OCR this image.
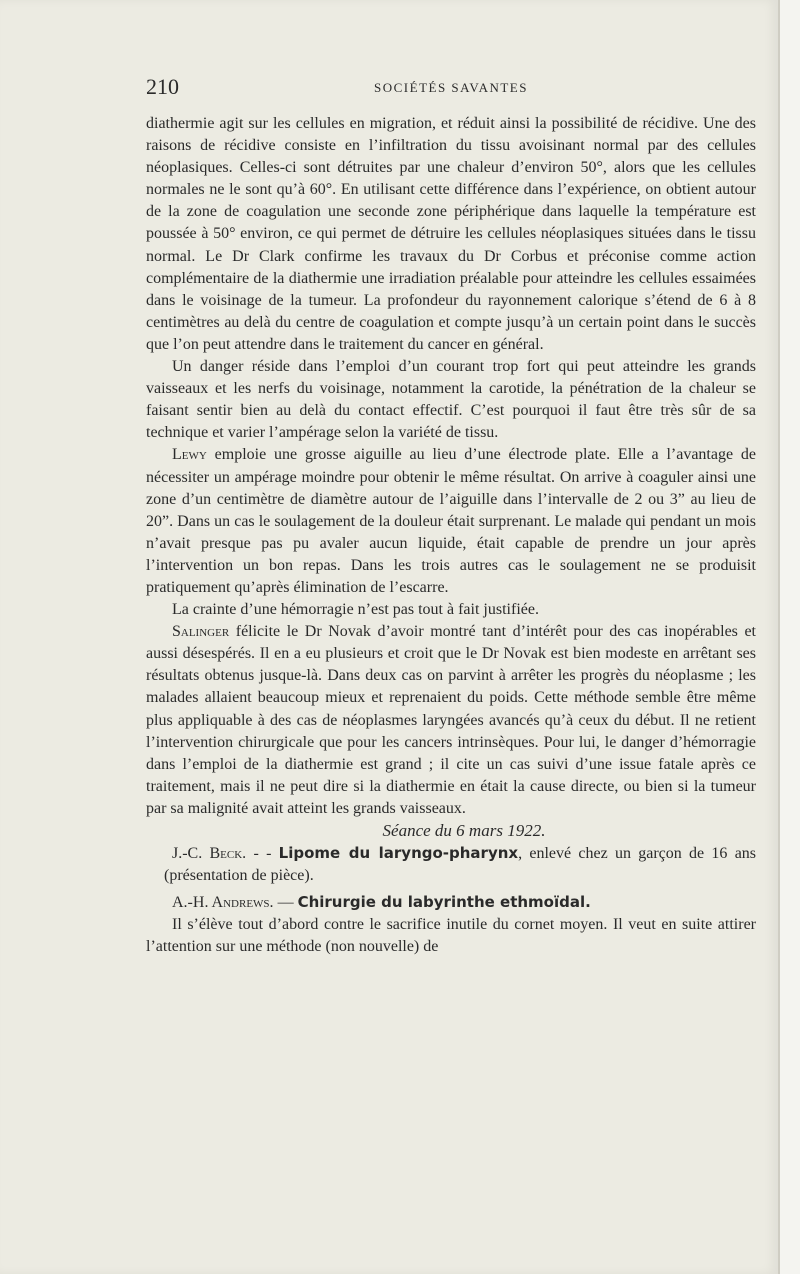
210	SOCIÉTÉS SAVANTES

diathermie agit sur les cellules en migration, et réduit ainsi la possibilité de récidive. Une des raisons de récidive consiste en l’infiltration du tissu avoisinant normal par des cellules néoplasiques. Celles-ci sont détruites par une chaleur d’environ 50°, alors que les cellules normales ne le sont qu’à 60°. En utilisant cette différence dans l’expérience, on obtient autour de la zone de coagulation une seconde zone périphérique dans laquelle la température est poussée à 50° environ, ce qui permet de détruire les cellules néoplasiques situées dans le tissu normal. Le Dr Clark confirme les travaux du Dr Corbus et préconise comme action complémentaire de la diathermie une irradiation préalable pour atteindre les cellules essaimées dans le voisinage de la tumeur. La profondeur du rayonnement calorique s’étend de 6 à 8 centimètres au delà du centre de coagulation et compte jusqu’à un certain point dans le succès que l’on peut attendre dans le traitement du cancer en général.

Un danger réside dans l’emploi d’un courant trop fort qui peut atteindre les grands vaisseaux et les nerfs du voisinage, notamment la carotide, la pénétration de la chaleur se faisant sentir bien au delà du contact effectif. C’est pourquoi il faut être très sûr de sa technique et varier l’ampérage selon la variété de tissu.

Lewy emploie une grosse aiguille au lieu d’une électrode plate. Elle a l’avantage de nécessiter un ampérage moindre pour obtenir le même résultat. On arrive à coaguler ainsi une zone d’un centimètre de diamètre autour de l’aiguille dans l’intervalle de 2 ou 3” au lieu de 20”. Dans un cas le soulagement de la douleur était surprenant. Le malade qui pendant un mois n’avait presque pas pu avaler aucun liquide, était capable de prendre un jour après l’intervention un bon repas. Dans les trois autres cas le soulagement ne se produisit pratiquement qu’après élimination de l’escarre.

La crainte d’une hémorragie n’est pas tout à fait justifiée.

Salinger félicite le Dr Novak d’avoir montré tant d’intérêt pour des cas inopérables et aussi désespérés. Il en a eu plusieurs et croit que le Dr Novak est bien modeste en arrêtant ses résultats obtenus jusque-là. Dans deux cas on parvint à arrêter les progrès du néoplasme ; les malades allaient beaucoup mieux et reprenaient du poids. Cette méthode semble être même plus appliquable à des cas de néoplasmes laryngées avancés qu’à ceux du début. Il ne retient l’intervention chirurgicale que pour les cancers intrinsèques. Pour lui, le danger d’hémorragie dans l’emploi de la diathermie est grand ; il cite un cas suivi d’une issue fatale après ce traitement, mais il ne peut dire si la diathermie en était la cause directe, ou bien si la tumeur par sa malignité avait atteint les grands vaisseaux.

Séance du 6 mars 1922.

J.-C. Beck. - - Lipome du laryngo-pharynx, enlevé chez un garçon de 16 ans (présentation de pièce).

A.-H. Andrews. — Chirurgie du labyrinthe ethmoïdal.

Il s’élève tout d’abord contre le sacrifice inutile du cornet moyen. Il veut en suite attirer l’attention sur une méthode (non nouvelle) de
